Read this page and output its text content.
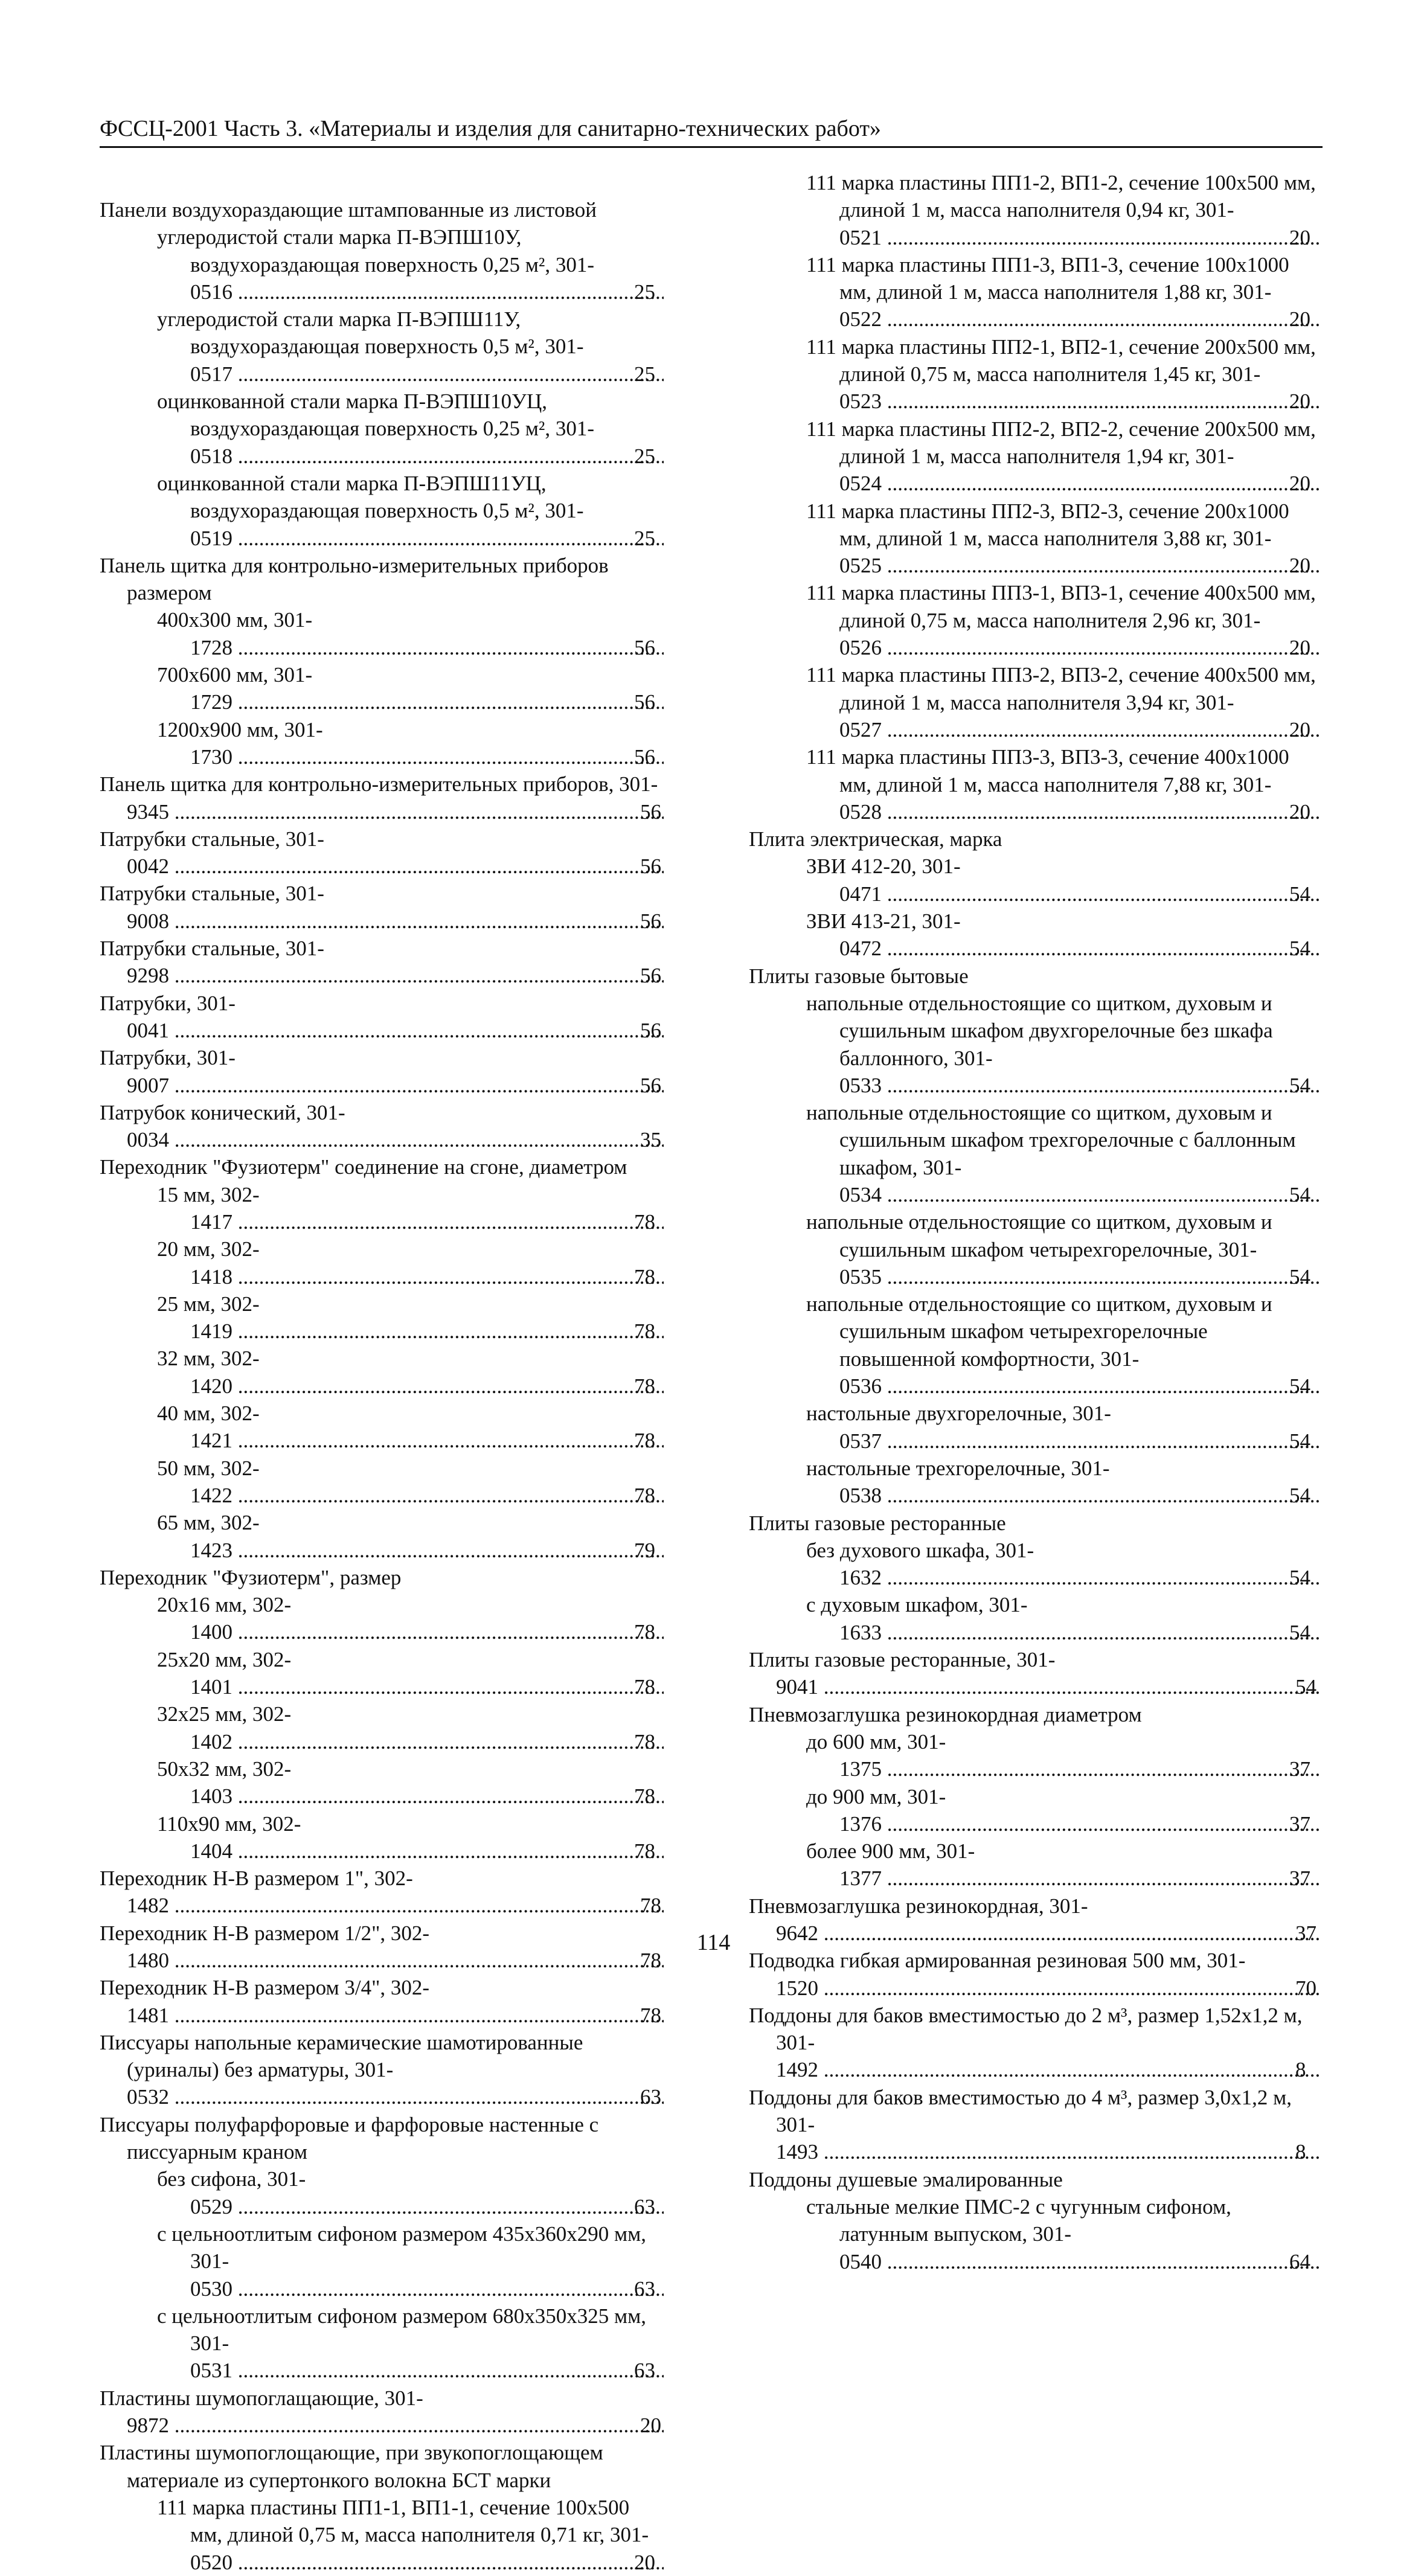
ФССЦ-2001 Часть 3. «Материалы и изделия для санитарно-технических работ»
Панели воздухораздающие штампованные из листовой
углеродистой стали марка П-ВЭПШ10У, воздухораздающая поверхность 0,25 м², 301-0516 .....	25
углеродистой стали марка П-ВЭПШ11У, воздухораздающая поверхность 0,5 м², 301-0517 .....	25
оцинкованной стали марка П-ВЭПШ10УЦ, воздухораздающая поверхность 0,25 м², 301-0518 .....	25
оцинкованной стали марка П-ВЭПШ11УЦ, воздухораздающая поверхность 0,5 м², 301-0519 .....	25
Панель щитка для контрольно-измерительных приборов размером
400x300 мм, 301-1728 .....	56
700x600 мм, 301-1729 .....	56
1200x900 мм, 301-1730 .....	56
Панель щитка для контрольно-измерительных приборов, 301-9345 .....	56
Патрубки стальные, 301-0042 .....	56
Патрубки стальные, 301-9008 .....	56
Патрубки стальные, 301-9298 .....	56
Патрубки, 301-0041 .....	56
Патрубки, 301-9007 .....	56
Патрубок конический, 301-0034 .....	35
Переходник "Фузиотерм" соединение на сгоне, диаметром
15 мм, 302-1417 .....	78
20 мм, 302-1418 .....	78
25 мм, 302-1419 .....	78
32 мм, 302-1420 .....	78
40 мм, 302-1421 .....	78
50 мм, 302-1422 .....	78
65 мм, 302-1423 .....	79
Переходник "Фузиотерм", размер
20x16 мм, 302-1400 .....	78
25x20 мм, 302-1401 .....	78
32x25 мм, 302-1402 .....	78
50x32 мм, 302-1403 .....	78
110x90 мм, 302-1404 .....	78
Переходник Н-В размером 1", 302-1482 .....	78
Переходник Н-В размером 1/2", 302-1480 .....	78
Переходник Н-В размером 3/4", 302-1481 .....	78
Писсуары напольные керамические шамотированные (уриналы) без арматуры, 301-0532 .....	63
Писсуары полуфарфоровые и фарфоровые настенные с писсуарным краном
без сифона, 301-0529 .....	63
с цельноотлитым сифоном размером 435x360x290 мм, 301-0530 .....	63
с цельноотлитым сифоном размером 680x350x325 мм, 301-0531 .....	63
Пластины шумопоглащающие, 301-9872 .....	20
Пластины шумопоглощающие, при звукопоглощающем материале из супертонкого волокна БСТ марки
111 марка пластины ПП1-1, ВП1-1, сечение 100x500 мм, длиной 0,75 м, масса наполнителя 0,71 кг, 301-0520 .....	20
111 марка пластины ПП1-2, ВП1-2, сечение 100x500 мм, длиной 1 м, масса наполнителя 0,94 кг, 301-0521 .....	20
111 марка пластины ПП1-3, ВП1-3, сечение 100x1000 мм, длиной 1 м, масса наполнителя 1,88 кг, 301-0522 .....	20
111 марка пластины ПП2-1, ВП2-1, сечение 200x500 мм, длиной 0,75 м, масса наполнителя 1,45 кг, 301-0523 .....	20
111 марка пластины ПП2-2, ВП2-2, сечение 200x500 мм, длиной 1 м, масса наполнителя 1,94 кг, 301-0524 .....	20
111 марка пластины ПП2-3, ВП2-3, сечение 200x1000 мм, длиной 1 м, масса наполнителя 3,88 кг, 301-0525 .....	20
111 марка пластины ПП3-1, ВП3-1, сечение 400x500 мм, длиной 0,75 м, масса наполнителя 2,96 кг, 301-0526 .....	20
111 марка пластины ПП3-2, ВП3-2, сечение 400x500 мм, длиной 1 м, масса наполнителя 3,94 кг, 301-0527 .....	20
111 марка пластины ПП3-3, ВП3-3, сечение 400x1000 мм, длиной 1 м, масса наполнителя 7,88 кг, 301-0528 .....	20
Плита электрическая, марка
ЗВИ 412-20, 301-0471 .....	54
ЗВИ 413-21, 301-0472 .....	54
Плиты газовые бытовые
напольные отдельностоящие со щитком, духовым и сушильным шкафом двухгорелочные без шкафа баллонного, 301-0533 .....	54
напольные отдельностоящие со щитком, духовым и сушильным шкафом трехгорелочные с баллонным шкафом, 301-0534 .....	54
напольные отдельностоящие со щитком, духовым и сушильным шкафом четырехгорелочные, 301-0535 .....	54
напольные отдельностоящие со щитком, духовым и сушильным шкафом четырехгорелочные повышенной комфортности, 301-0536 .....	54
настольные двухгорелочные, 301-0537 .....	54
настольные трехгорелочные, 301-0538 .....	54
Плиты газовые ресторанные
без духового шкафа, 301-1632 .....	54
с духовым шкафом, 301-1633 .....	54
Плиты газовые ресторанные, 301-9041 .....	54
Пневмозаглушка резинокордная диаметром
до 600 мм, 301-1375 .....	37
до 900 мм, 301-1376 .....	37
более 900 мм, 301-1377 .....	37
Пневмозаглушка резинокордная, 301-9642 .....	37
Подводка гибкая армированная резиновая 500 мм, 301-1520 .....	70
Поддоны для баков вместимостью до 2 м³, размер 1,52x1,2 м, 301-1492 .....	8
Поддоны для баков вместимостью до 4 м³, размер 3,0x1,2 м, 301-1493 .....	8
Поддоны душевые эмалированные
стальные мелкие ПМС-2 с чугунным сифоном, латунным выпуском, 301-0540 .....	64
114
